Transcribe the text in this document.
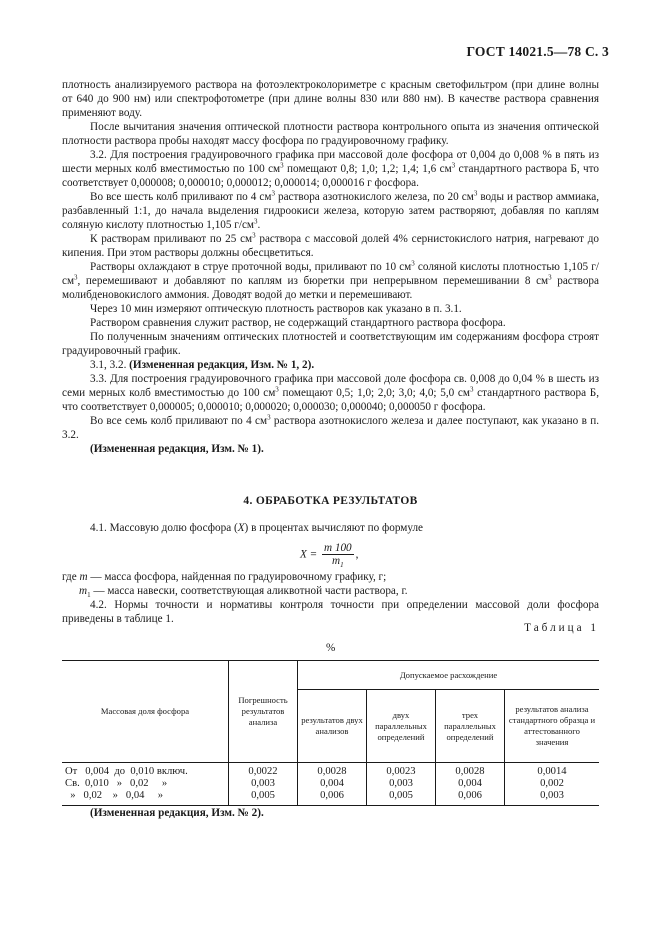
ГОСТ 14021.5—78 С. 3

плотность анализируемого раствора на фотоэлектроколориметре с красным светофильтром (при длине волны от 640 до 900 нм) или спектрофотометре (при длине волны 830 или 880 нм). В качестве раствора сравнения применяют воду.

После вычитания значения оптической плотности раствора контрольного опыта из значения оптической плотности раствора пробы находят массу фосфора по градуировочному графику.

3.2. Для построения градуировочного графика при массовой доле фосфора от 0,004 до 0,008 % в пять из шести мерных колб вместимостью по 100 $см^3$ помещают 0,8; 1,0; 1,2; 1,4; 1,6 $см^3$ стандартного раствора Б, что соответствует 0,000008; 0,000010; 0,000012; 0,000014; 0,000016 г фосфора.

Во все шесть колб приливают по 4 $см^3$ раствора азотнокислого железа, по 20 $см^3$ воды и раствор аммиака, разбавленный 1:1, до начала выделения гидроокиси железа, которую затем растворяют, добавляя по каплям соляную кислоту плотностью 1,105 $г/см^3$.

К растворам приливают по 25 $см^3$ раствора с массовой долей 4% сернистокислого натрия, нагревают до кипения. При этом растворы должны обесцветиться.

Растворы охлаждают в струе проточной воды, приливают по 10 $см^3$ соляной кислоты плотностью 1,105 $г/см^3$, перемешивают и добавляют по каплям из бюретки при непрерывном перемешивании 8 $см^3$ раствора молибденовокислого аммония. Доводят водой до метки и перемешивают.

Через 10 мин измеряют оптическую плотность растворов как указано в п. 3.1.

Раствором сравнения служит раствор, не содержащий стандартного раствора фосфора.

По полученным значениям оптических плотностей и соответствующим им содержаниям фосфора строят градуировочный график.

3.1, 3.2. (Измененная редакция, Изм. № 1, 2).

3.3. Для построения градуировочного графика при массовой доле фосфора св. 0,008 до 0,04 % в шесть из семи мерных колб вместимостью до 100 $см^3$ помещают 0,5; 1,0; 2,0; 3,0; 4,0; 5,0 $см^3$ стандартного раствора Б, что соответствует 0,000005; 0,000010; 0,000020; 0,000030; 0,000040; 0,000050 г фосфора.

Во все семь колб приливают по 4 $см^3$ раствора азотнокислого железа и далее поступают, как указано в п. 3.2.

(Измененная редакция, Изм. № 1).

4. ОБРАБОТКА РЕЗУЛЬТАТОВ

4.1. Массовую долю фосфора (X) в процентах вычисляют по формуле

$X = \frac{m 100}{m_1}$ ,

где m — масса фосфора, найденная по градуировочному графику, г;

$m_1$ — масса навески, соответствующая аликвотной части раствора, г.

4.2. Нормы точности и нормативы контроля точности при определении массовой доли фосфора приведены в таблице 1.

Таблица 1
%
Массовая доля фосфора	Погрешность результатов анализа	Допускаемое расхождение			
		результатов двух анализов	двух параллельных определений	трех параллельных определений	результатов анализа стандартного образца и аттестованного значения
От   0,004  до  0,010 включ.	0,0022	0,0028	0,0023	0,0028	0,0014
Св.  0,010   »   0,02     »	0,003	0,004	0,003	0,004	0,002
»   0,02    »   0,04     »	0,005	0,006	0,005	0,006	0,003
(Измененная редакция, Изм. № 2).
